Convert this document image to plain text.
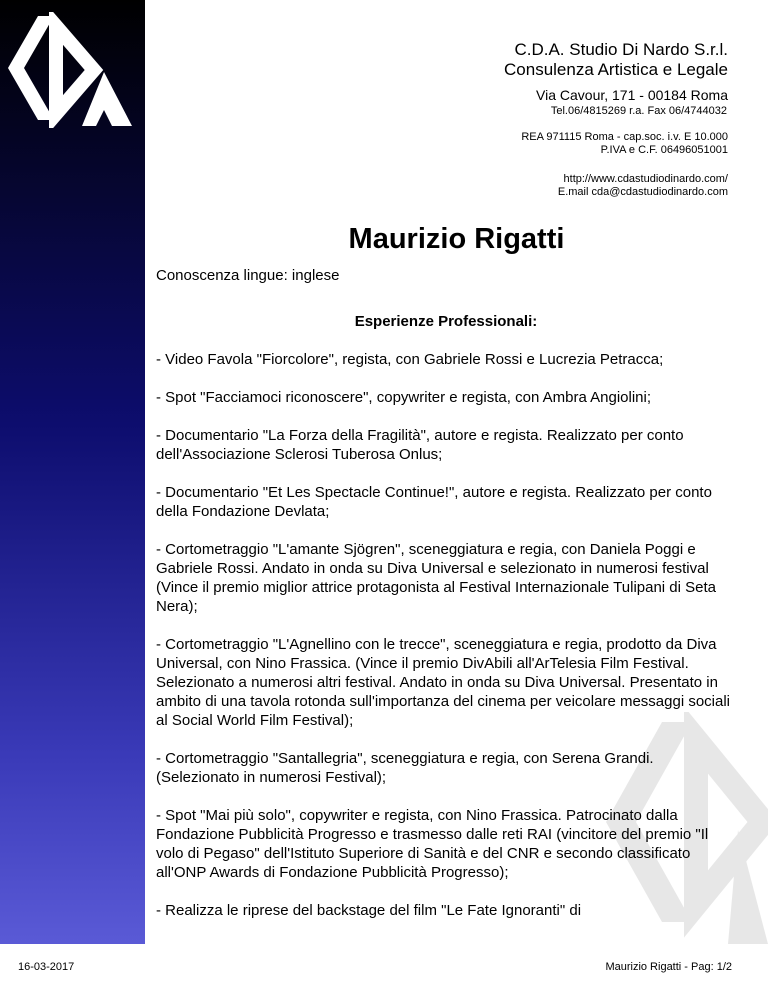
C.D.A. Studio Di Nardo S.r.l.
Consulenza Artistica e Legale
Via Cavour, 171 - 00184 Roma
Tel.06/4815269 r.a. Fax 06/4744032
REA 971115 Roma - cap.soc. i.v. E 10.000
P.IVA e C.F. 06496051001
http://www.cdastudiodinardo.com/
E.mail cda@cdastudiodinardo.com
Maurizio Rigatti

Conoscenza lingue: inglese

Esperienze Professionali:

- Video Favola "Fiorcolore", regista, con Gabriele Rossi e Lucrezia Petracca;

- Spot "Facciamoci riconoscere", copywriter e regista, con Ambra Angiolini;

- Documentario "La Forza della Fragilità", autore e regista. Realizzato per conto dell'Associazione Sclerosi Tuberosa Onlus;

- Documentario "Et Les Spectacle Continue!", autore e regista. Realizzato per conto della Fondazione Devlata;

- Cortometraggio "L'amante Sjögren", sceneggiatura e regia, con Daniela Poggi e Gabriele Rossi. Andato in onda su Diva Universal e selezionato in numerosi festival (Vince il premio miglior attrice protagonista al Festival Internazionale Tulipani di Seta Nera);

- Cortometraggio "L'Agnellino con le trecce", sceneggiatura e regia, prodotto da Diva Universal, con Nino Frassica. (Vince il premio DivAbili all'ArTelesia Film Festival. Selezionato a numerosi altri festival. Andato in onda su Diva Universal. Presentato in ambito di una tavola rotonda sull'importanza del cinema per veicolare messaggi sociali al Social World Film Festival);

- Cortometraggio "Santallegria", sceneggiatura e regia, con Serena Grandi. (Selezionato in numerosi Festival);

- Spot "Mai più solo", copywriter e regista, con Nino Frassica. Patrocinato dalla Fondazione Pubblicità Progresso e trasmesso dalle reti RAI (vincitore del premio "Il volo di Pegaso" dell'Istituto Superiore di Sanità e del CNR e secondo classificato all'ONP Awards di Fondazione Pubblicità Progresso);

- Realizza le riprese del backstage del film "Le Fate Ignoranti" di

16-03-2017	Maurizio Rigatti - Pag: 1/2
